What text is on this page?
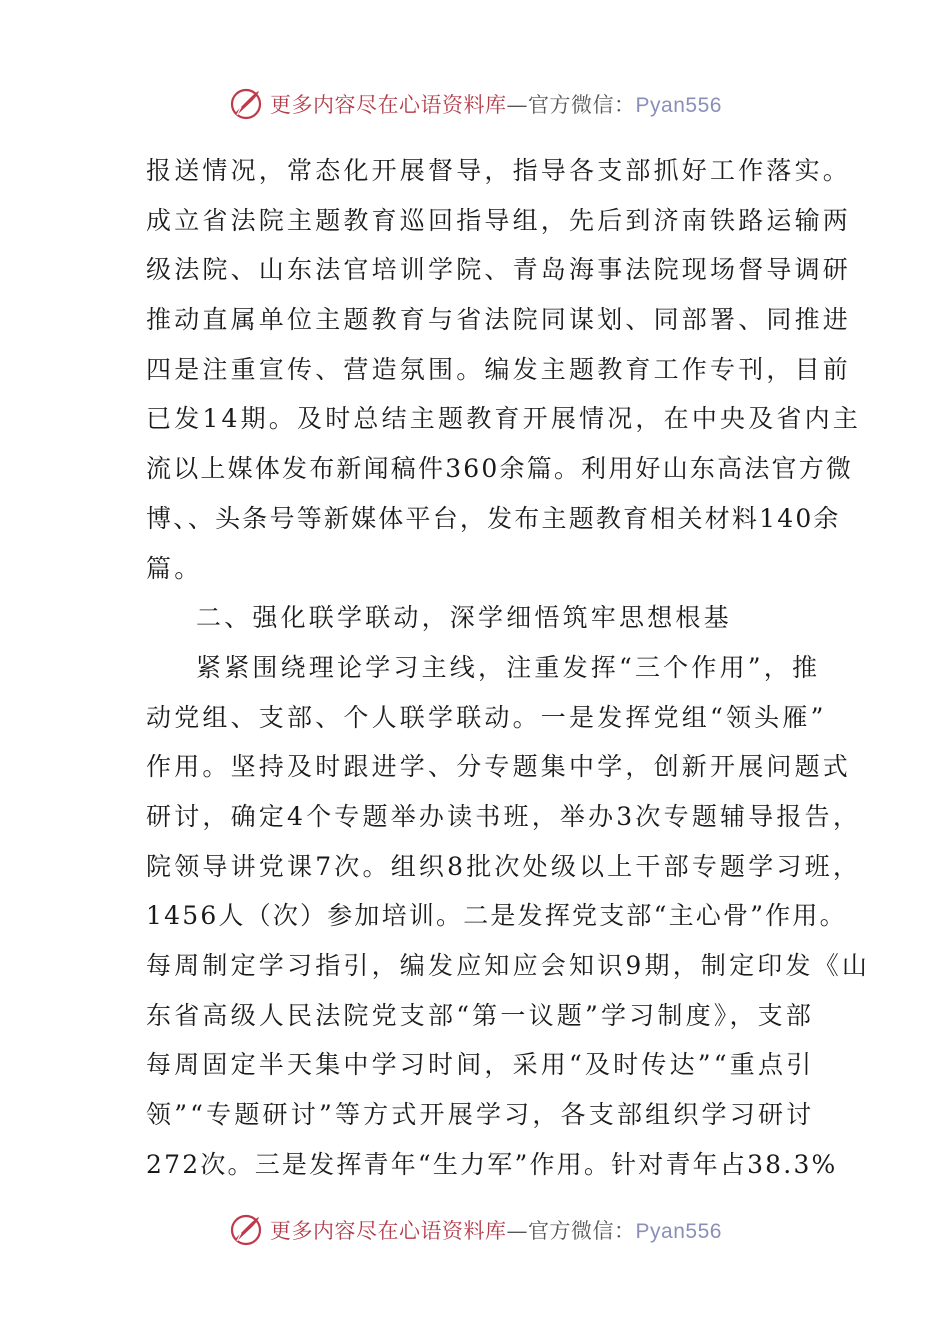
更多内容尽在心语资料库—官方微信：Pyan556
报送情况，常态化开展督导，指导各支部抓好工作落实。
成立省法院主题教育巡回指导组，先后到济南铁路运输两
级法院、山东法官培训学院、青岛海事法院现场督导调研
推动直属单位主题教育与省法院同谋划、同部署、同推进
四是注重宣传、营造氛围。编发主题教育工作专刊，目前
已发14期。及时总结主题教育开展情况，在中央及省内主
流以上媒体发布新闻稿件360余篇。利用好山东高法官方微
博、、头条号等新媒体平台，发布主题教育相关材料140余
篇。
二、强化联学联动，深学细悟筑牢思想根基
紧紧围绕理论学习主线，注重发挥“三个作用”，推
动党组、支部、个人联学联动。一是发挥党组“领头雁”
作用。坚持及时跟进学、分专题集中学，创新开展问题式
研讨，确定4个专题举办读书班，举办3次专题辅导报告，
院领导讲党课7次。组织8批次处级以上干部专题学习班，
1456人（次）参加培训。二是发挥党支部“主心骨”作用。
每周制定学习指引，编发应知应会知识9期，制定印发《山
东省高级人民法院党支部“第一议题”学习制度》，支部
每周固定半天集中学习时间，采用“及时传达”“重点引
领”“专题研讨”等方式开展学习，各支部组织学习研讨
272次。三是发挥青年“生力军”作用。针对青年占38.3%
更多内容尽在心语资料库—官方微信：Pyan556
